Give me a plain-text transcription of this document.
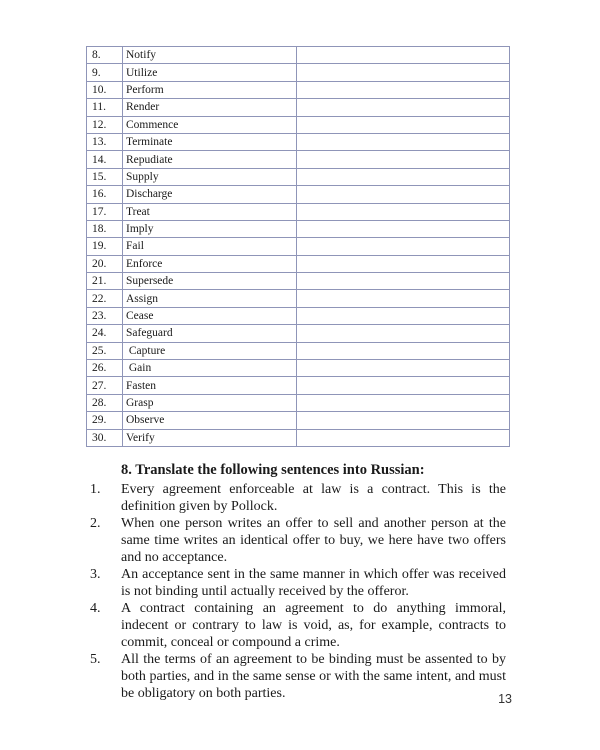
8.	Notify	
9.	Utilize	
10.	Perform	
11.	Render	
12.	Commence	
13.	Terminate	
14.	Repudiate	
15.	Supply	
16.	Discharge	
17.	Treat	
18.	Imply	
19.	Fail	
20.	Enforce	
21.	Supersede	
22.	Assign	
23.	Cease	
24.	Safeguard	
25.	Capture	
26.	Gain	
27.	Fasten	
28.	Grasp	
29.	Observe	
30.	Verify	
8. Translate the following sentences into Russian:
1. Every agreement enforceable at law is a contract. This is the definition given by Pollock.
2. When one person writes an offer to sell and another person at the same time writes an identical offer to buy, we here have two offers and no acceptance.
3. An acceptance sent in the same manner in which offer was received is not binding until actually received by the offeror.
4. A contract containing an agreement to do anything immoral, indecent or contrary to law is void, as, for example, contracts to commit, conceal or compound a crime.
5. All the terms of an agreement to be binding must be assented to by both parties, and in the same sense or with the same intent, and must be obligatory on both parties.	13
